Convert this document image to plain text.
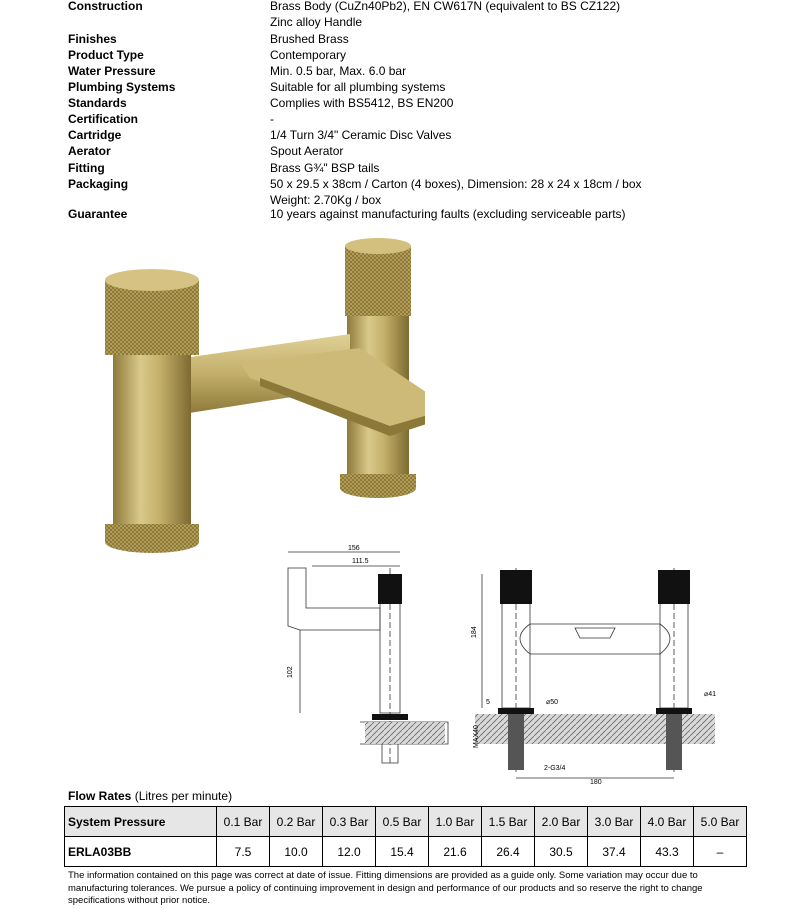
Construction	Brass Body (CuZn40Pb2), EN CW617N (equivalent to BS CZ122)
Zinc alloy Handle
Finishes	Brushed Brass
Product Type	Contemporary
Water Pressure	Min. 0.5 bar, Max. 6.0 bar
Plumbing Systems	Suitable for all plumbing systems
Standards	Complies with BS5412, BS EN200
Certification	-
Cartridge	1/4 Turn 3/4" Ceramic Disc Valves
Aerator	Spout Aerator
Fitting	Brass G¾" BSP tails
Packaging	50 x 29.5 x 38cm / Carton (4 boxes), Dimension: 28 x 24 x 18cm / box
Weight: 2.70Kg / box
Guarantee	10 years against manufacturing faults (excluding serviceable parts)
156
111.5
102
184
5	⌀50
MAX40
⌀41
2-G3/4
180
Flow Rates (Litres per minute)
System Pressure	0.1 Bar	0.2 Bar	0.3 Bar	0.5 Bar	1.0 Bar	1.5 Bar	2.0 Bar	3.0 Bar	4.0 Bar	5.0 Bar
ERLA03BB	7.5	10.0	12.0	15.4	21.6	26.4	30.5	37.4	43.3	–
The information contained on this page was correct at date of issue. Fitting dimensions are provided as a guide only. Some variation may occur due to manufacturing tolerances. We pursue a policy of continuing improvement in design and performance of our products and so reserve the right to change specifications without prior notice.
